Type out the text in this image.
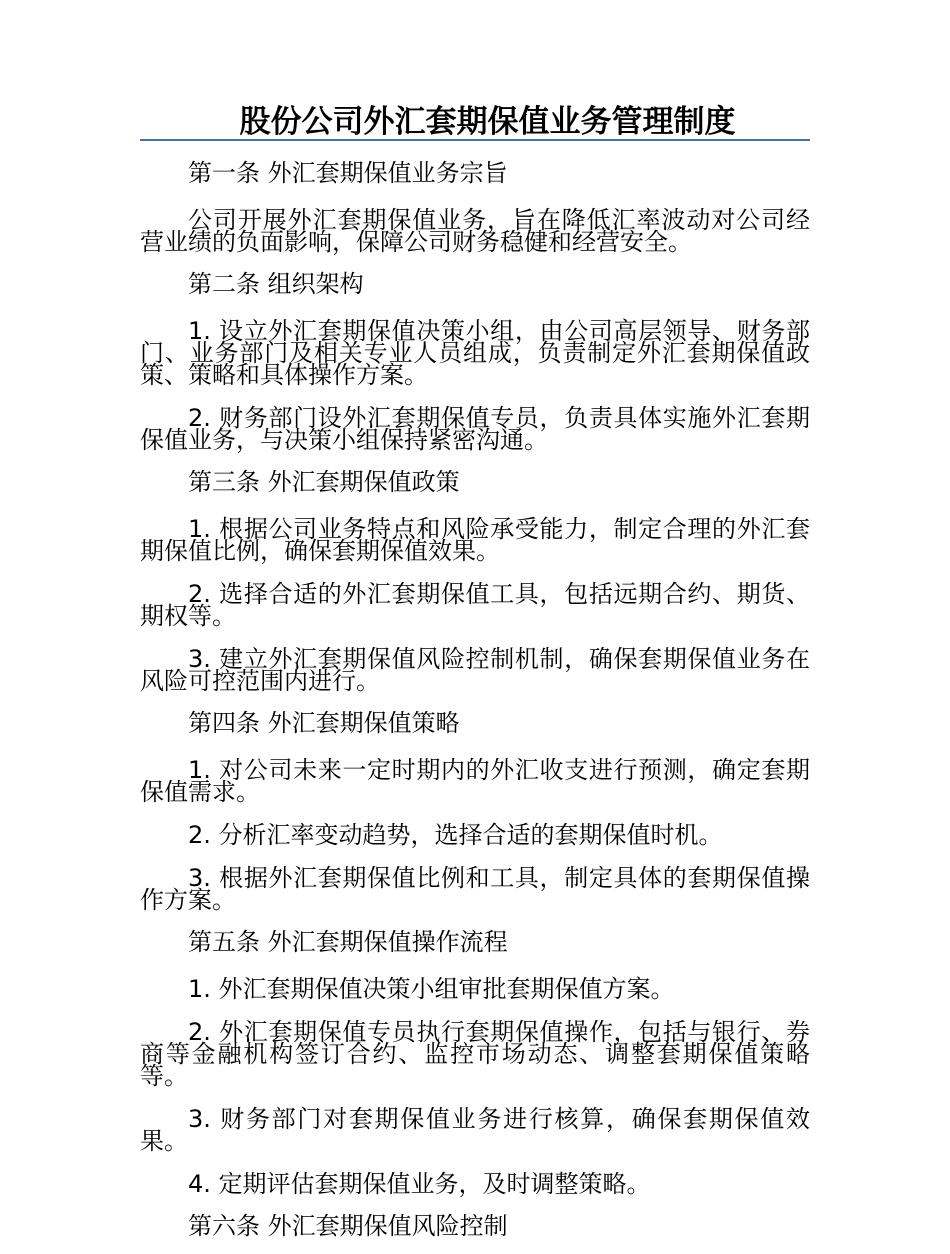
股份公司外汇套期保值业务管理制度
第一条 外汇套期保值业务宗旨
公司开展外汇套期保值业务，旨在降低汇率波动对公司经营业绩的负面影响，保障公司财务稳健和经营安全。
第二条 组织架构
1. 设立外汇套期保值决策小组，由公司高层领导、财务部门、业务部门及相关专业人员组成，负责制定外汇套期保值政策、策略和具体操作方案。
2. 财务部门设外汇套期保值专员，负责具体实施外汇套期保值业务，与决策小组保持紧密沟通。
第三条 外汇套期保值政策
1. 根据公司业务特点和风险承受能力，制定合理的外汇套期保值比例，确保套期保值效果。
2. 选择合适的外汇套期保值工具，包括远期合约、期货、期权等。
3. 建立外汇套期保值风险控制机制，确保套期保值业务在风险可控范围内进行。
第四条 外汇套期保值策略
1. 对公司未来一定时期内的外汇收支进行预测，确定套期保值需求。
2. 分析汇率变动趋势，选择合适的套期保值时机。
3. 根据外汇套期保值比例和工具，制定具体的套期保值操作方案。
第五条 外汇套期保值操作流程
1. 外汇套期保值决策小组审批套期保值方案。
2. 外汇套期保值专员执行套期保值操作，包括与银行、券商等金融机构签订合约、监控市场动态、调整套期保值策略等。
3. 财务部门对套期保值业务进行核算，确保套期保值效果。
4. 定期评估套期保值业务，及时调整策略。
第六条 外汇套期保值风险控制
